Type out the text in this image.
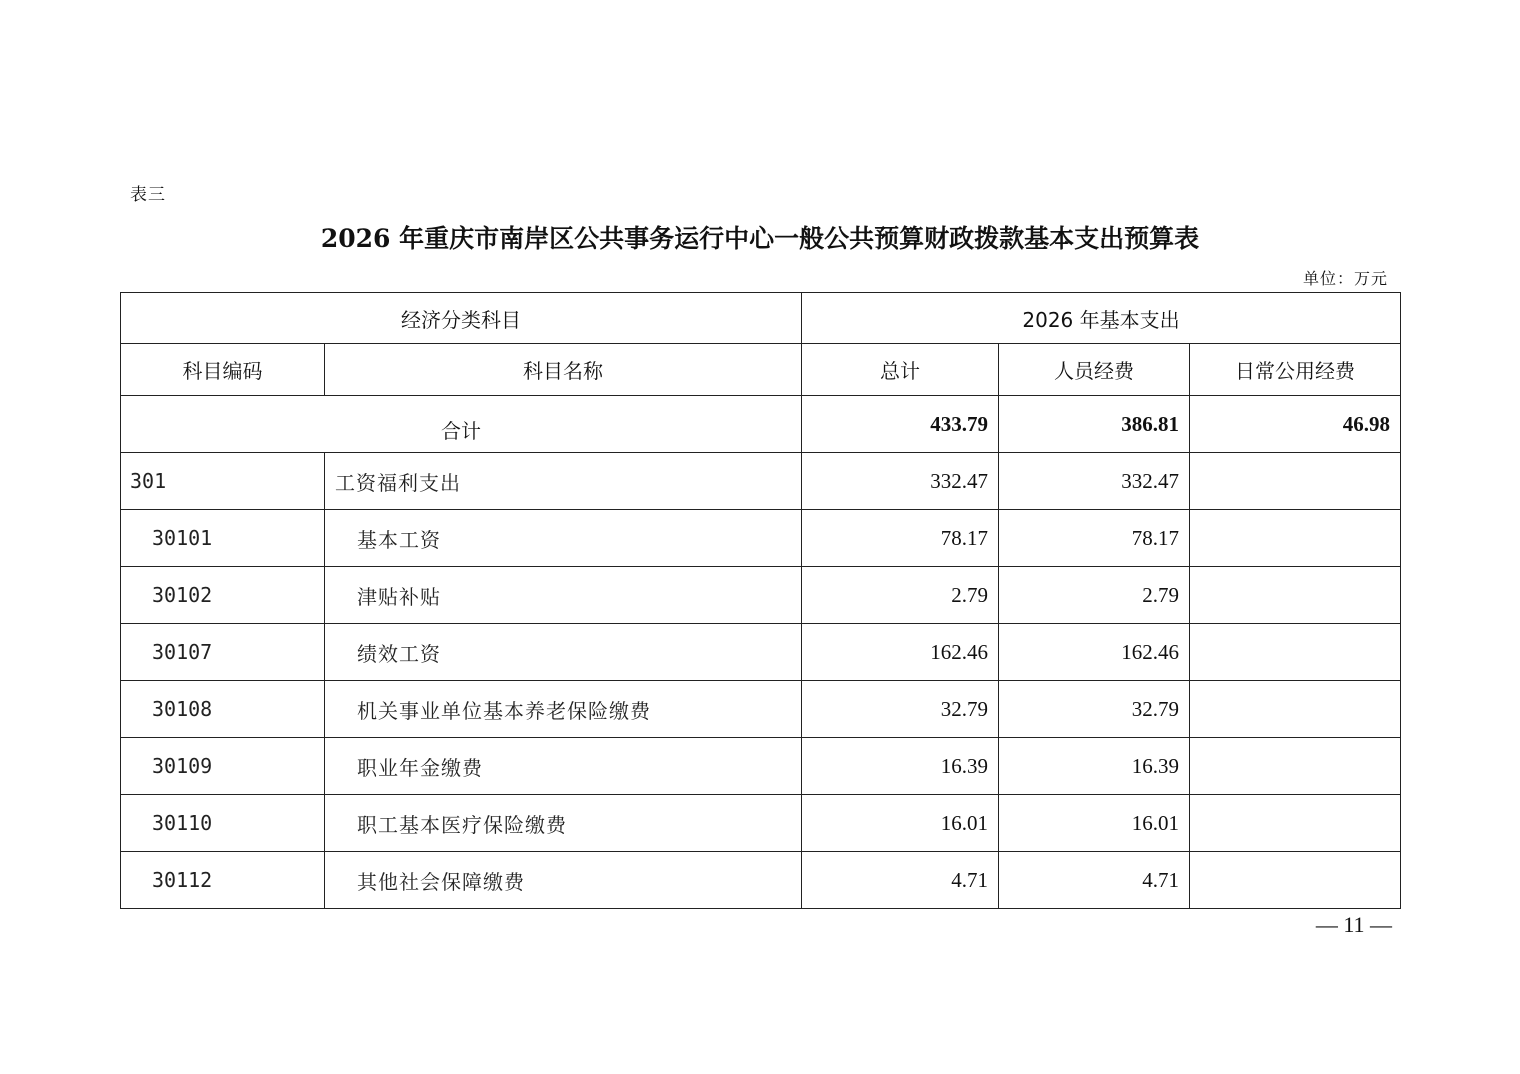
表三
2026 年重庆市南岸区公共事务运行中心一般公共预算财政拨款基本支出预算表
单位：万元
经济分类科目		2026 年基本支出		
科目编码	科目名称	总计	人员经费	日常公用经费
合计		433.79	386.81	46.98
301	工资福利支出	332.47	332.47	
30101	基本工资	78.17	78.17	
30102	津贴补贴	2.79	2.79	
30107	绩效工资	162.46	162.46	
30108	机关事业单位基本养老保险缴费	32.79	32.79	
30109	职业年金缴费	16.39	16.39	
30110	职工基本医疗保险缴费	16.01	16.01	
30112	其他社会保障缴费	4.71	4.71	
— 11 —
